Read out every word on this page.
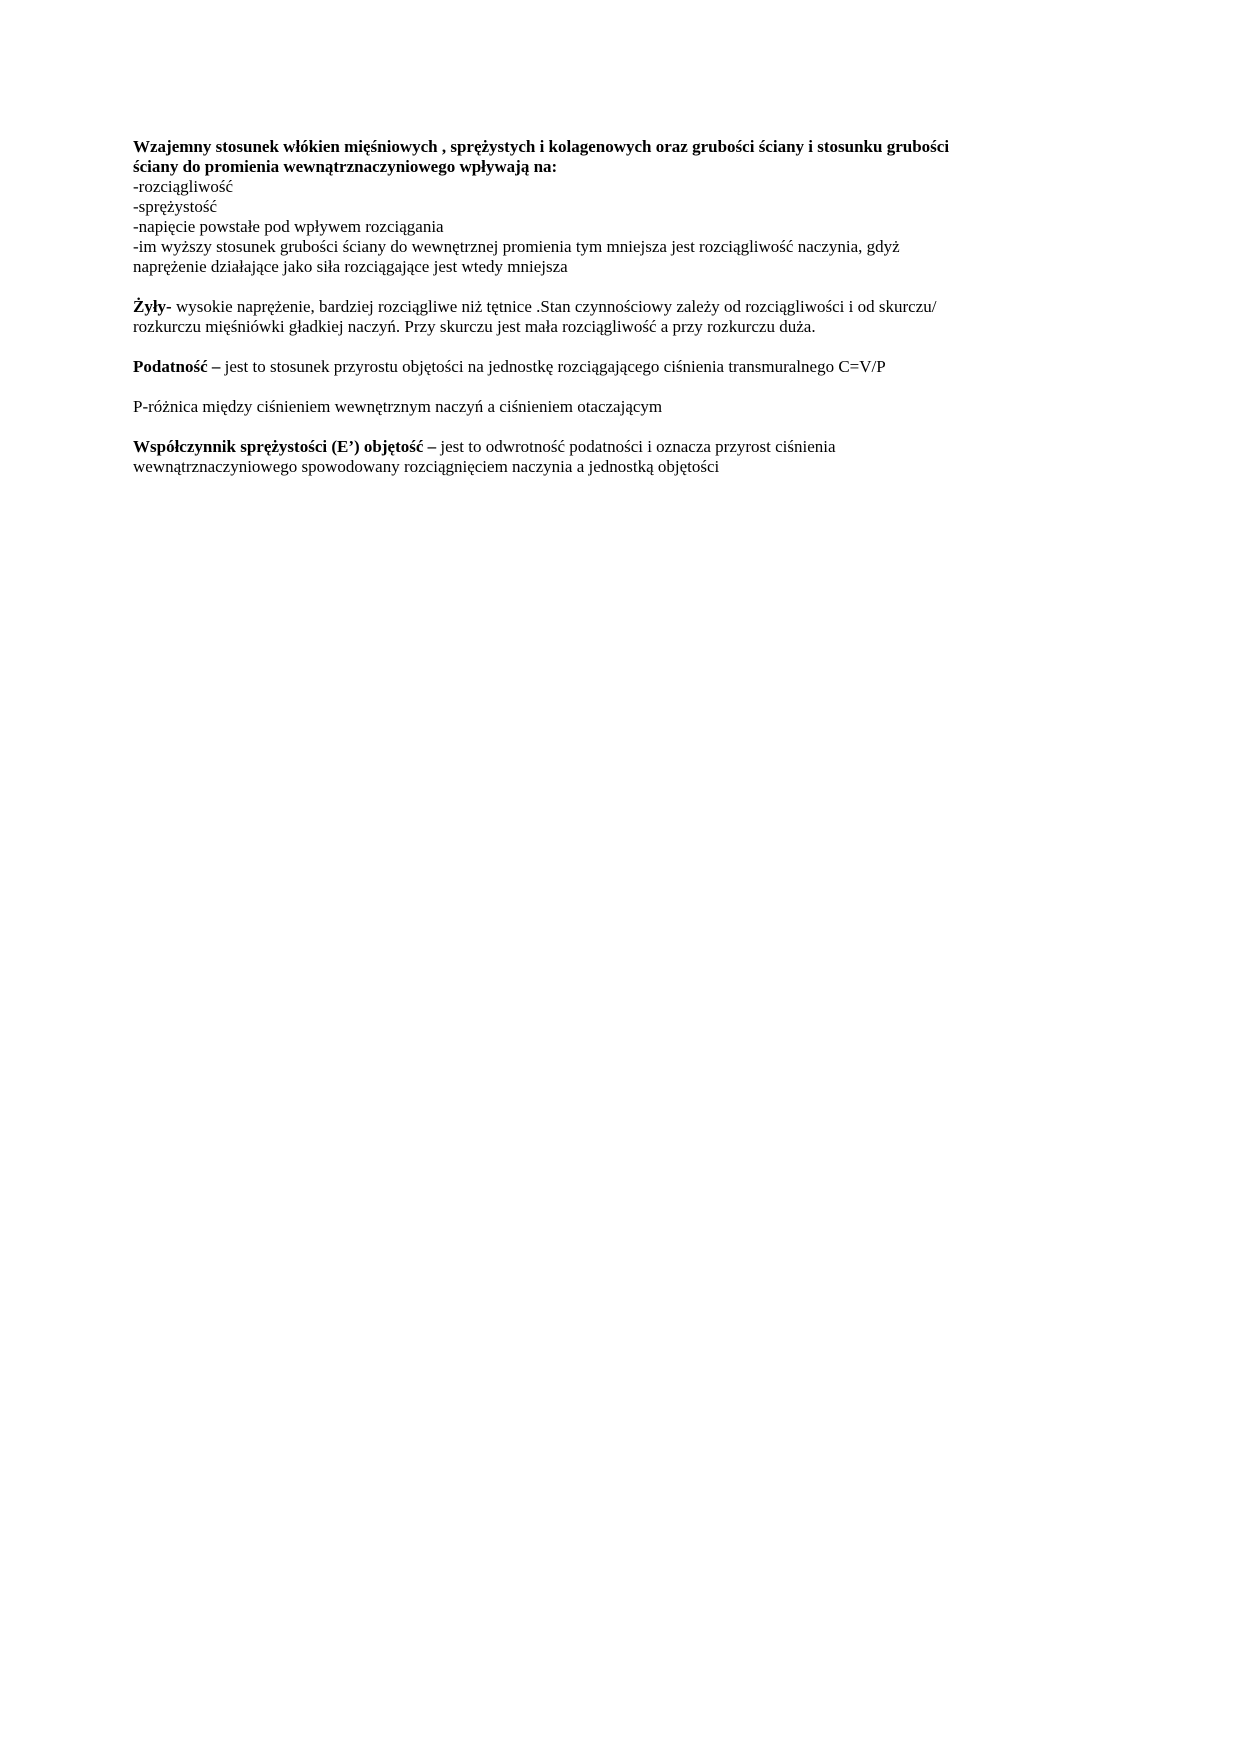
Wzajemny stosunek włókien mięśniowych , sprężystych i kolagenowych oraz grubości ściany i stosunku grubości ściany do promienia wewnątrznaczyniowego wpływają na:
-rozciągliwość
-sprężystość
-napięcie powstałe pod wpływem rozciągania
-im wyższy stosunek grubości ściany do wewnętrznej promienia tym mniejsza jest rozciągliwość naczynia, gdyż naprężenie działające jako siła rozciągające jest wtedy mniejsza

Żyły- wysokie naprężenie, bardziej rozciągliwe niż tętnice .Stan czynnościowy zależy od rozciągliwości i od skurczu/ rozkurczu mięśniówki gładkiej naczyń. Przy skurczu jest mała rozciągliwość a przy rozkurczu duża.

Podatność – jest to stosunek przyrostu objętości na jednostkę rozciągającego ciśnienia transmuralnego C=V/P

P-różnica między ciśnieniem wewnętrznym naczyń a ciśnieniem otaczającym

Współczynnik sprężystości (E’) objętość – jest to odwrotność podatności i oznacza przyrost ciśnienia wewnątrznaczyniowego spowodowany rozciągnięciem naczynia a jednostką objętości
